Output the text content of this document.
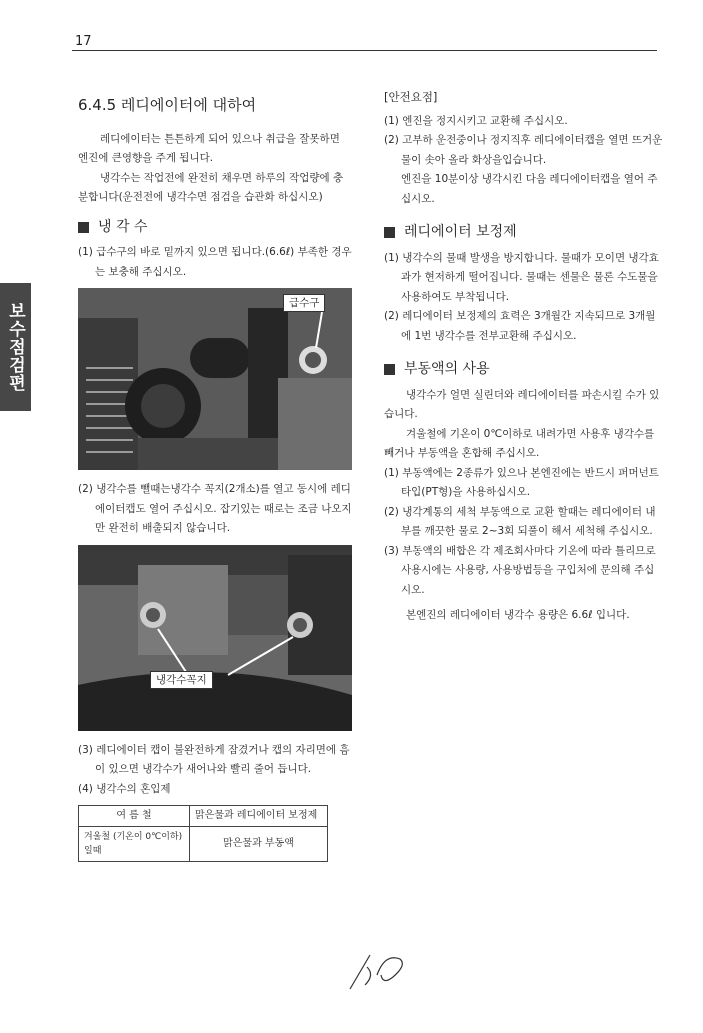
17
보수점검편
6.4.5 레디에이터에 대하여

레디에이터는 튼튼하게 되어 있으나 취급을 잘못하면 엔진에 큰영향을 주게 됩니다.

냉각수는 작업전에 완전히 채우면 하루의 작업량에 충분합니다(운전전에 냉각수면 점검을 습관화 하십시오)

냉 각 수

(1) 급수구의 바로 밑까지 있으면 됩니다.(6.6ℓ) 부족한 경우는 보충해 주십시오.

급수구

(2) 냉각수를 뺄때는냉각수 꼭지(2개소)를 열고 동시에 레디에이터캡도 열어 주십시오. 잡기있는 때로는 조금 나오지만 완전히 배출되지 않습니다.

냉각수꼭지

(3) 레디에이터 캡이 불완전하게 잠겼거나 캡의 자리면에 흠이 있으면 냉각수가 새어나와 빨리 줄어 듭니다.

(4) 냉각수의 혼입제

여 름 철	맑은물과 레디에이터 보정제
겨울철 (기온이 0℃이하) 일때	맑은물과 부동액
[안전요점]

(1) 엔진을 정지시키고 교환해 주십시오.

(2) 고부하 운전중이나 정지직후 레디에이터캡을 열면 뜨거운 물이 솟아 올라 화상을입습니다.

엔진을 10분이상 냉각시킨 다음 레디에이터캡을 열어 주십시오.

레디에이터 보정제

(1) 냉각수의 물때 발생을 방지합니다. 물때가 모이면 냉각효과가 현저하게 떨어집니다. 물때는 센물은 물론 수도물을 사용하여도 부착됩니다.

(2) 레디에이터 보정제의 효력은 3개월간 지속되므로 3개월에 1번 냉각수를 전부교환해 주십시오.

부동액의 사용

냉각수가 얼면 실린더와 레디에이터를 파손시킬 수가 있습니다.

겨울철에 기온이 0℃이하로 내려가면 사용후 냉각수를 빼거나 부동액을 혼합해 주십시오.

(1) 부동액에는 2종류가 있으나 본엔진에는 반드시 퍼머넌트 타입(PT형)을 사용하십시오.

(2) 냉각계통의 세척 부동액으로 교환 할때는 레디에이터 내부를 깨끗한 물로 2~3회 되풀이 해서 세척해 주십시오.

(3) 부동액의 배합은 각 제조회사마다 기온에 따라 틀리므로 사용시에는 사용량, 사용방법등을 구입처에 문의해 주십시오.

본엔진의 레디에이터 냉각수 용량은 6.6ℓ 입니다.
